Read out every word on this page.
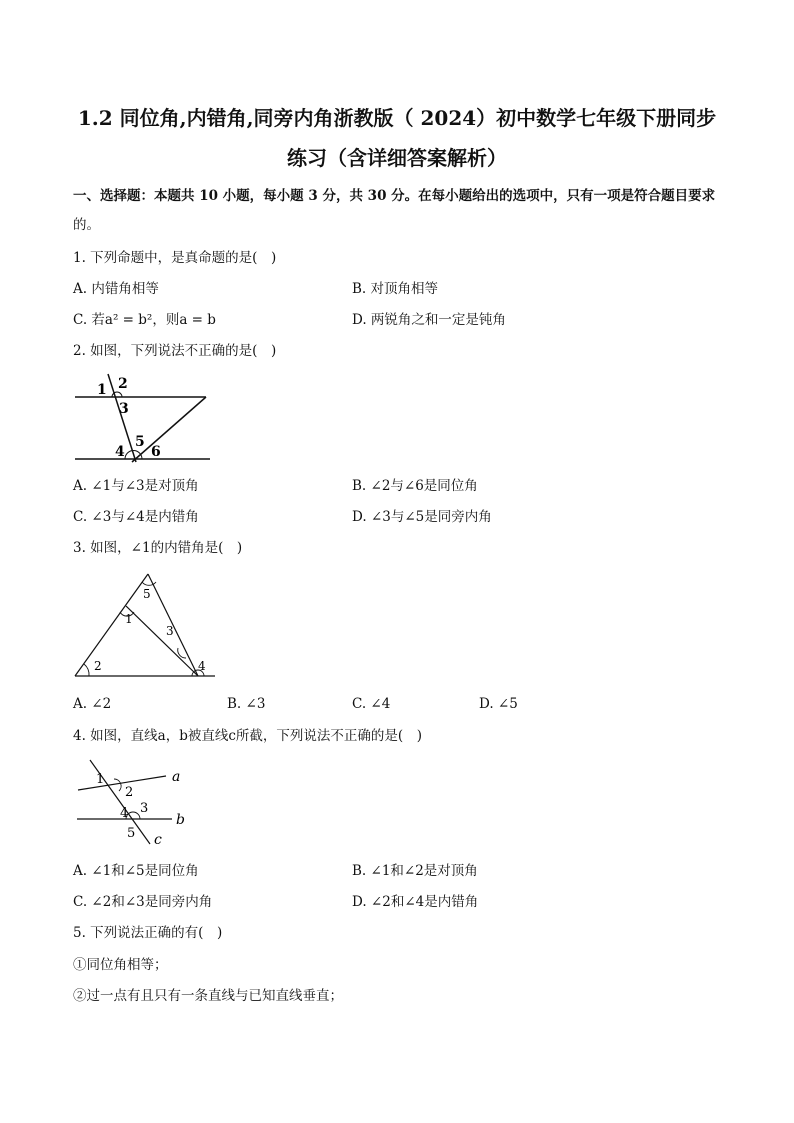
1.2 同位角,内错角,同旁内角浙教版（ 2024）初中数学七年级下册同步
练习（含详细答案解析）
一、选择题：本题共 10 小题，每小题 3 分，共 30 分。在每小题给出的选项中，只有一项是符合题目要求
的。
1. 下列命题中，是真命题的是(　)
A. 内错角相等	B. 对顶角相等
C. 若a² = b²，则a = b	D. 两锐角之和一定是钝角
2. 如图，下列说法不正确的是(　)
1 2
3
4
5
6
A. ∠1与∠3是对顶角	B. ∠2与∠6是同位角
C. ∠3与∠4是内错角	D. ∠3与∠5是同旁内角
3. 如图，∠1的内错角是(　)
5
1
3
2	4
A. ∠2	B. ∠3	C. ∠4	D. ∠5
4. 如图，直线a，b被直线c所截，下列说法不正确的是(　)
1
2
a
4 3
b
5 c
A. ∠1和∠5是同位角	B. ∠1和∠2是对顶角
C. ∠2和∠3是同旁内角	D. ∠2和∠4是内错角
5. 下列说法正确的有(　)
①同位角相等；
②过一点有且只有一条直线与已知直线垂直；
